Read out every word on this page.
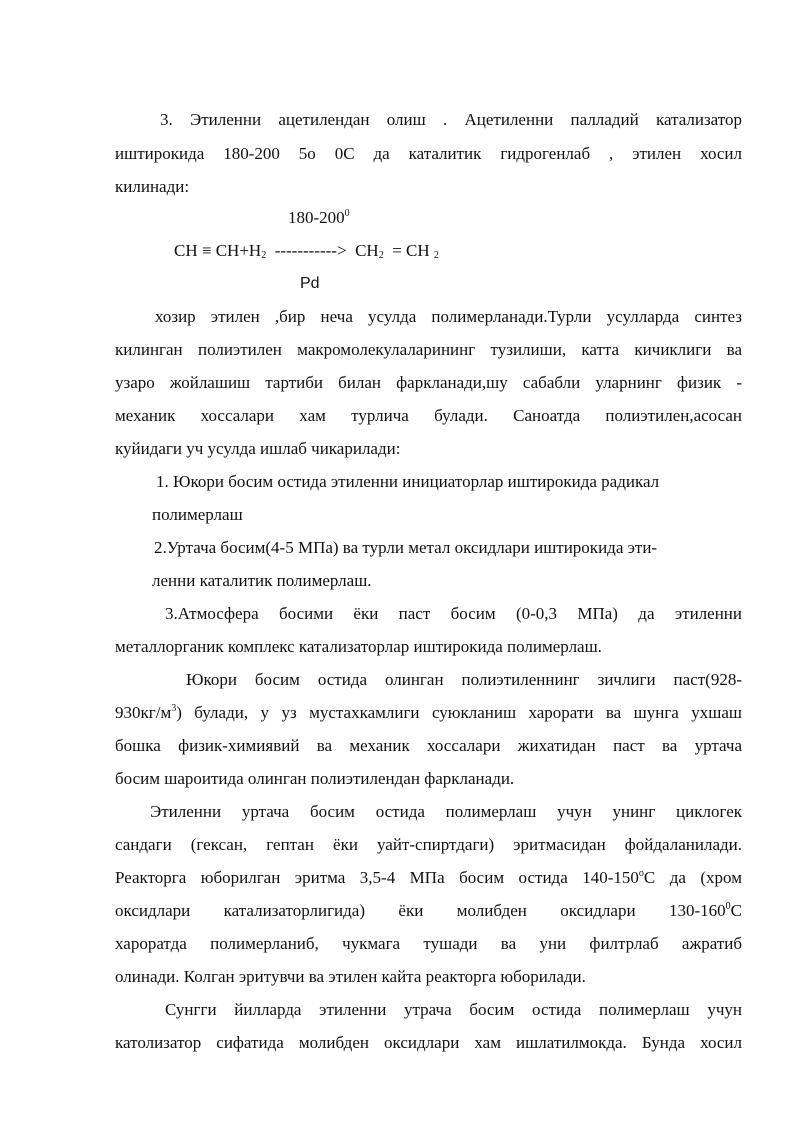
3. Этиленни ацетилендан олиш . Ацетиленни палладий катализатор
иштирокида 180-200 5о 0С да каталитик гидрогенлаб , этилен хосил
килинади:
$180-200^0$
CH ≡ $CH+H_2$ -----------> $CH_2$ = CH $_2$
Pd
хозир этилен ,бир неча усулда полимерланади.Турли усулларда синтез
килинган полиэтилен макромолекулаларининг тузилиши, катта кичиклиги ва
узаро жойлашиш тартиби билан фаркланади,шу сабабли уларнинг физик -
механик хоссалари хам турлича булади. Саноатда полиэтилен,асосан
куйидаги уч усулда ишлаб чикарилади:
1. Юкори босим остида этиленни инициаторлар иштирокида радикал
полимерлаш
2.Уртача босим(4-5 МПа) ва турли метал оксидлари иштирокида эти-
ленни каталитик полимерлаш.
3.Атмосфера босими ёки паст босим (0-0,3 МПа) да этиленни
металлорганик комплекс катализаторлар иштирокида полимерлаш.
Юкори босим остида олинган полиэтиленнинг зичлиги паст(928-
$930кг/м^3$) булади, у уз мустахкамлиги суюкланиш харорати ва шунга ухшаш
бошка физик-химиявий ва механик хоссалари жихатидан паст ва уртача
босим шароитида олинган полиэтилендан фаркланади.
Этиленни уртача босим остида полимерлаш учун унинг циклогек
сандаги (гексан, гептан ёки уайт-спиртдаги) эритмасидан фойдаланилади.
Реакторга юборилган эритма 3,5-4 МПа босим остида $140-150^оС$ да (хром
оксидлари катализаторлигида) ёки молибден оксидлари $130-160^0С$
хароратда полимерланиб, чукмага тушади ва уни филтрлаб ажратиб
олинади. Колган эритувчи ва этилен кайта реакторга юборилади.
Сунгги йилларда этиленни утрача босим остида полимерлаш учун
католизатор сифатида молибден оксидлари хам ишлатилмокда. Бунда хосил
